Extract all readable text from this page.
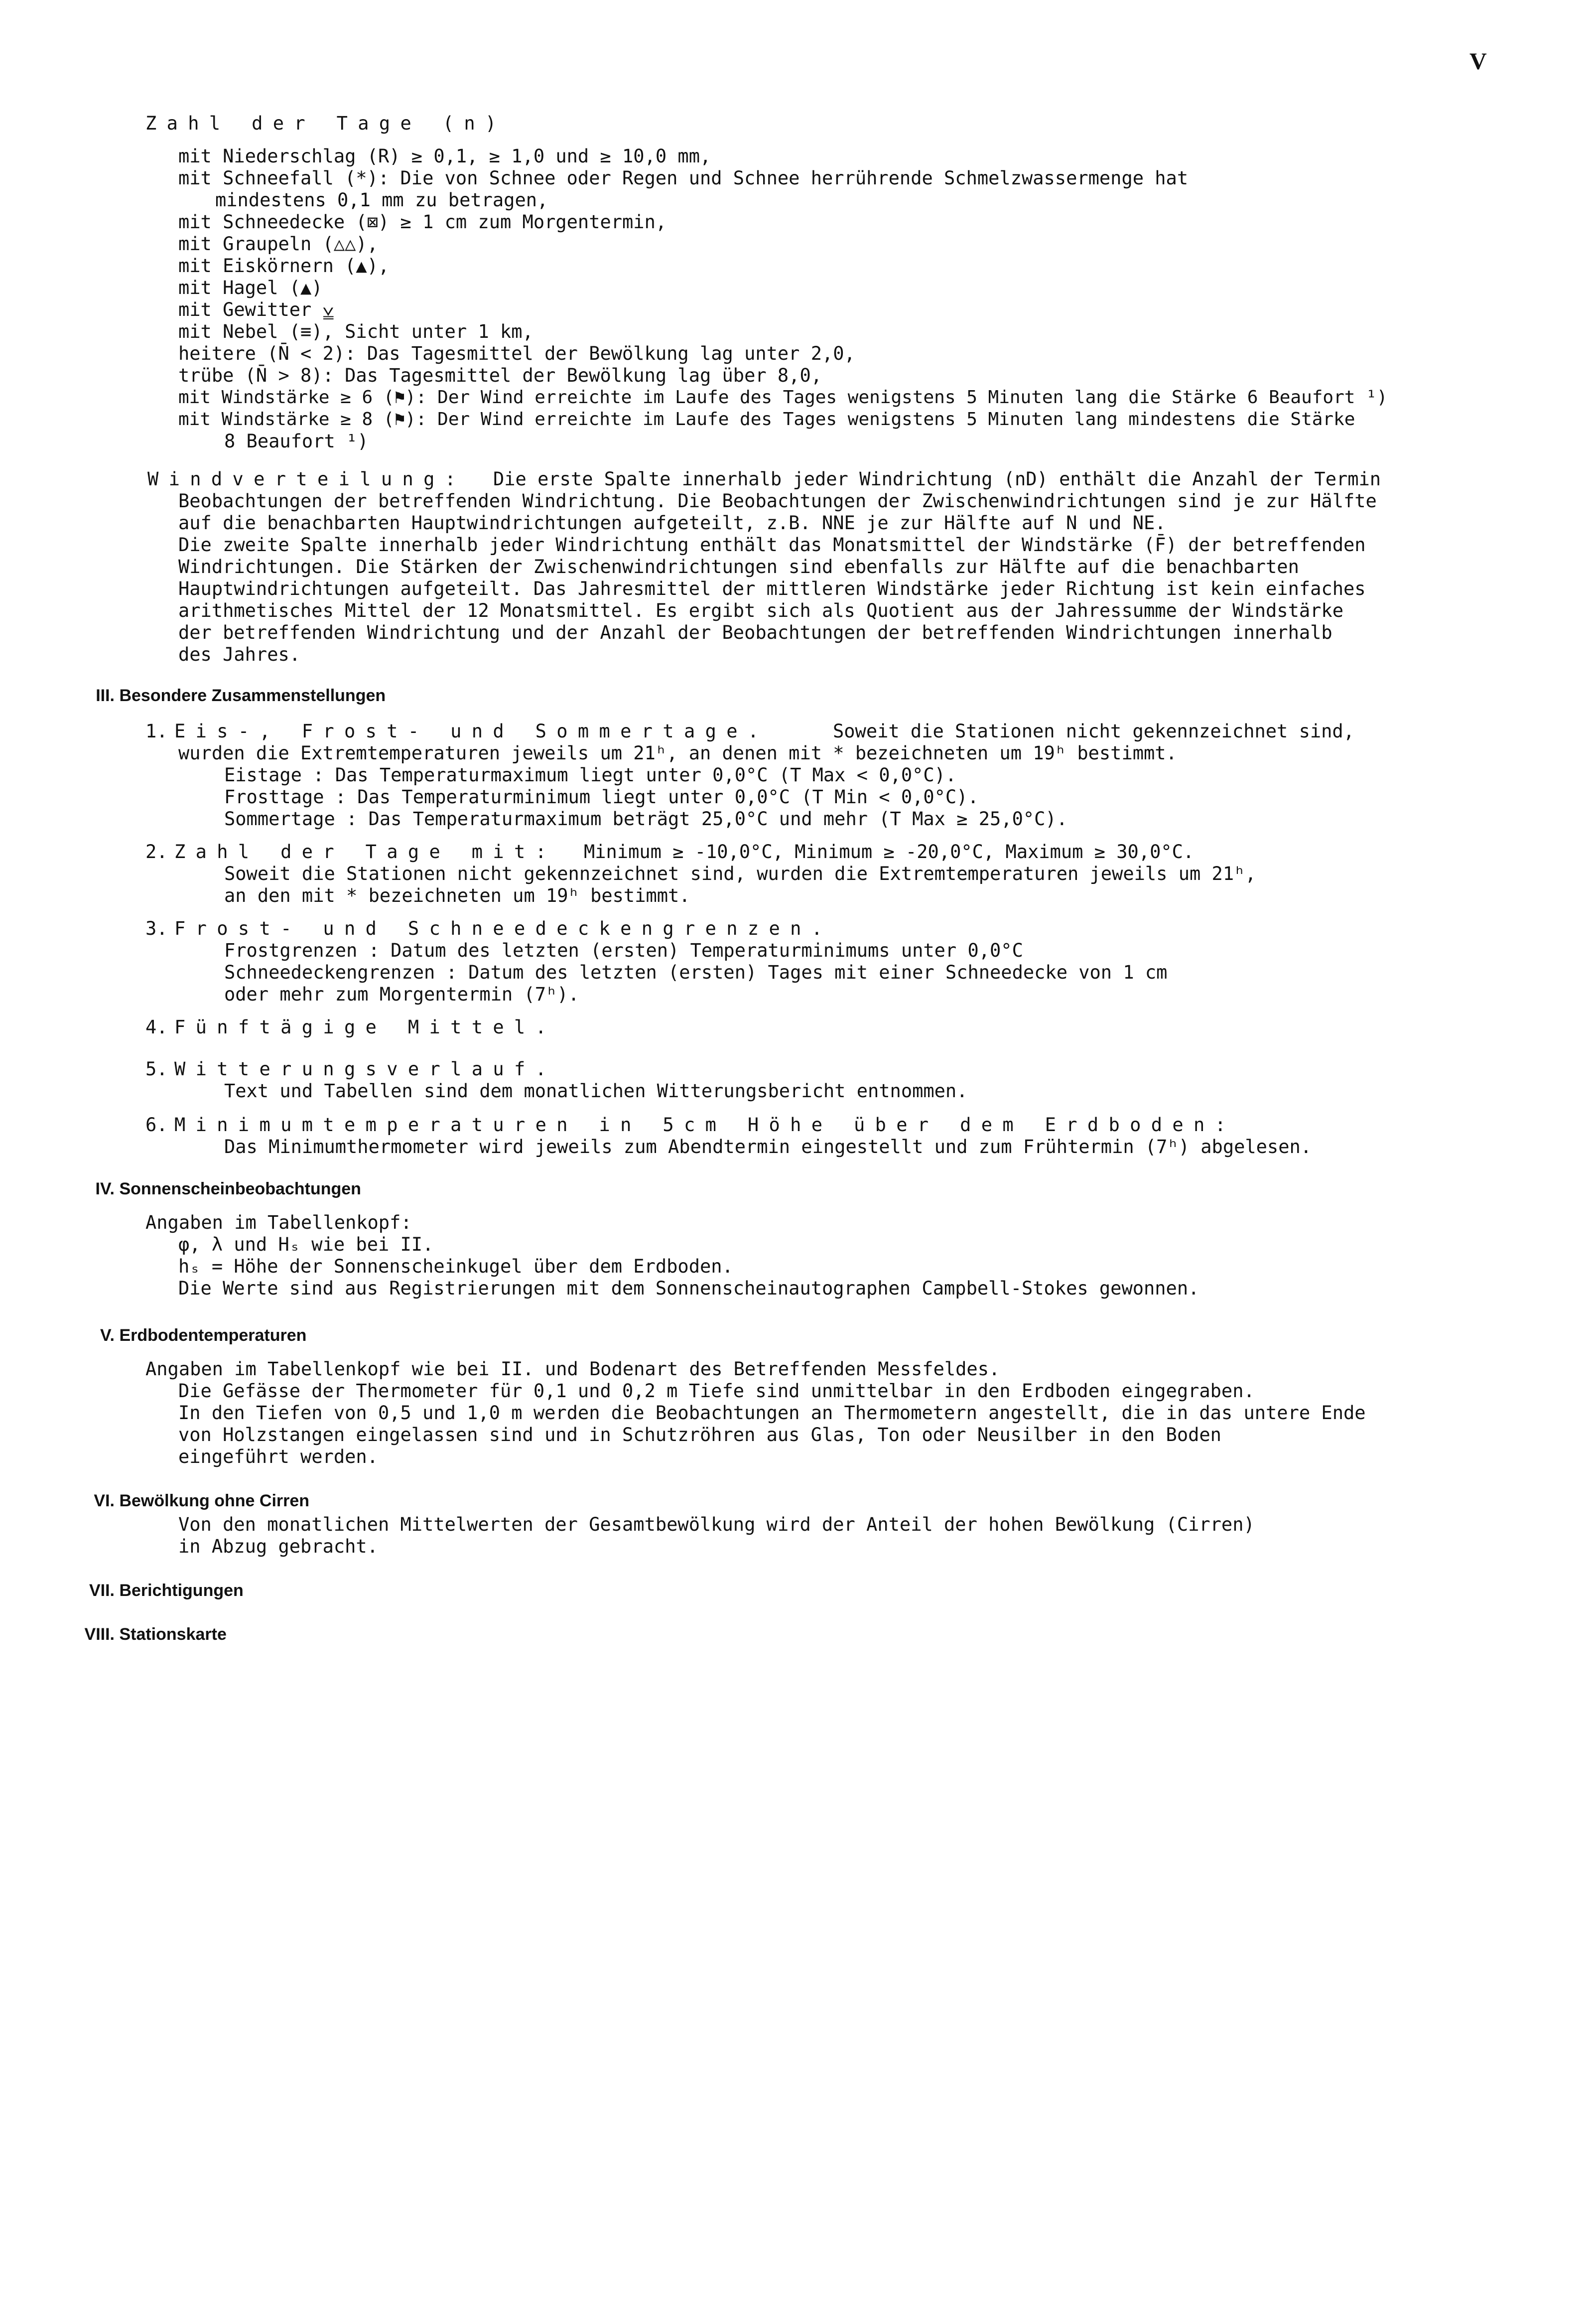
V
Zahl der Tage (n)
mit Niederschlag (R) ≥ 0,1, ≥ 1,0 und ≥ 10,0 mm,
mit Schneefall (*): Die von Schnee oder Regen und Schnee herrührende Schmelzwassermenge hat
mindestens 0,1 mm zu betragen,
mit Schneedecke (⊠) ≥ 1 cm zum Morgentermin,
mit Graupeln (△△),
mit Eiskörnern (▲),
mit Hagel (▲)
mit Gewitter ⩣
mit Nebel (≡), Sicht unter 1 km,
heitere (N̄ < 2): Das Tagesmittel der Bewölkung lag unter 2,0,
trübe (N̄ > 8): Das Tagesmittel der Bewölkung lag über 8,0,
mit Windstärke ≥ 6 (⚑): Der Wind erreichte im Laufe des Tages wenigstens 5 Minuten lang die Stärke 6 Beaufort ¹)
mit Windstärke ≥ 8 (⚑): Der Wind erreichte im Laufe des Tages wenigstens 5 Minuten lang mindestens die Stärke
8 Beaufort ¹)
Windverteilung: Die erste Spalte innerhalb jeder Windrichtung (nD) enthält die Anzahl der Termin
Beobachtungen der betreffenden Windrichtung. Die Beobachtungen der Zwischenwindrichtungen sind je zur Hälfte
auf die benachbarten Hauptwindrichtungen aufgeteilt, z.B. NNE je zur Hälfte auf N und NE.
Die zweite Spalte innerhalb jeder Windrichtung enthält das Monatsmittel der Windstärke (F̄) der betreffenden
Windrichtungen. Die Stärken der Zwischenwindrichtungen sind ebenfalls zur Hälfte auf die benachbarten
Hauptwindrichtungen aufgeteilt. Das Jahresmittel der mittleren Windstärke jeder Richtung ist kein einfaches
arithmetisches Mittel der 12 Monatsmittel. Es ergibt sich als Quotient aus der Jahressumme der Windstärke
der betreffenden Windrichtung und der Anzahl der Beobachtungen der betreffenden Windrichtungen innerhalb
des Jahres.
III. Besondere Zusammenstellungen
1. Eis-, Frost- und Sommertage.	Soweit die Stationen nicht gekennzeichnet sind,
wurden die Extremtemperaturen jeweils um 21ʰ, an denen mit * bezeichneten um 19ʰ bestimmt.
Eistage : Das Temperaturmaximum liegt unter 0,0°C (T Max < 0,0°C).
Frosttage : Das Temperaturminimum liegt unter 0,0°C (T Min < 0,0°C).
Sommertage : Das Temperaturmaximum beträgt 25,0°C und mehr (T Max ≥ 25,0°C).
2. Zahl der Tage mit: Minimum ≥ -10,0°C, Minimum ≥ -20,0°C, Maximum ≥ 30,0°C.
Soweit die Stationen nicht gekennzeichnet sind, wurden die Extremtemperaturen jeweils um 21ʰ,
an den mit * bezeichneten um 19ʰ bestimmt.
3. Frost- und Schneedeckengrenzen.
Frostgrenzen : Datum des letzten (ersten) Temperaturminimums unter 0,0°C
Schneedeckengrenzen : Datum des letzten (ersten) Tages mit einer Schneedecke von 1 cm
oder mehr zum Morgentermin (7ʰ).
4. Fünftägige Mittel.
5. Witterungsverlauf.
Text und Tabellen sind dem monatlichen Witterungsbericht entnommen.
6. Minimumtemperaturen in 5cm Höhe über dem Erdboden:
Das Minimumthermometer wird jeweils zum Abendtermin eingestellt und zum Frühtermin (7ʰ) abgelesen.
IV. Sonnenscheinbeobachtungen
Angaben im Tabellenkopf:
φ, λ und Hₛ wie bei II.
hₛ = Höhe der Sonnenscheinkugel über dem Erdboden.
Die Werte sind aus Registrierungen mit dem Sonnenscheinautographen Campbell-Stokes gewonnen.
V. Erdbodentemperaturen
Angaben im Tabellenkopf wie bei II. und Bodenart des Betreffenden Messfeldes.
Die Gefässe der Thermometer für 0,1 und 0,2 m Tiefe sind unmittelbar in den Erdboden eingegraben.
In den Tiefen von 0,5 und 1,0 m werden die Beobachtungen an Thermometern angestellt, die in das untere Ende
von Holzstangen eingelassen sind und in Schutzröhren aus Glas, Ton oder Neusilber in den Boden
eingeführt werden.
VI. Bewölkung ohne Cirren
Von den monatlichen Mittelwerten der Gesamtbewölkung wird der Anteil der hohen Bewölkung (Cirren)
in Abzug gebracht.
VII. Berichtigungen
VIII. Stationskarte
